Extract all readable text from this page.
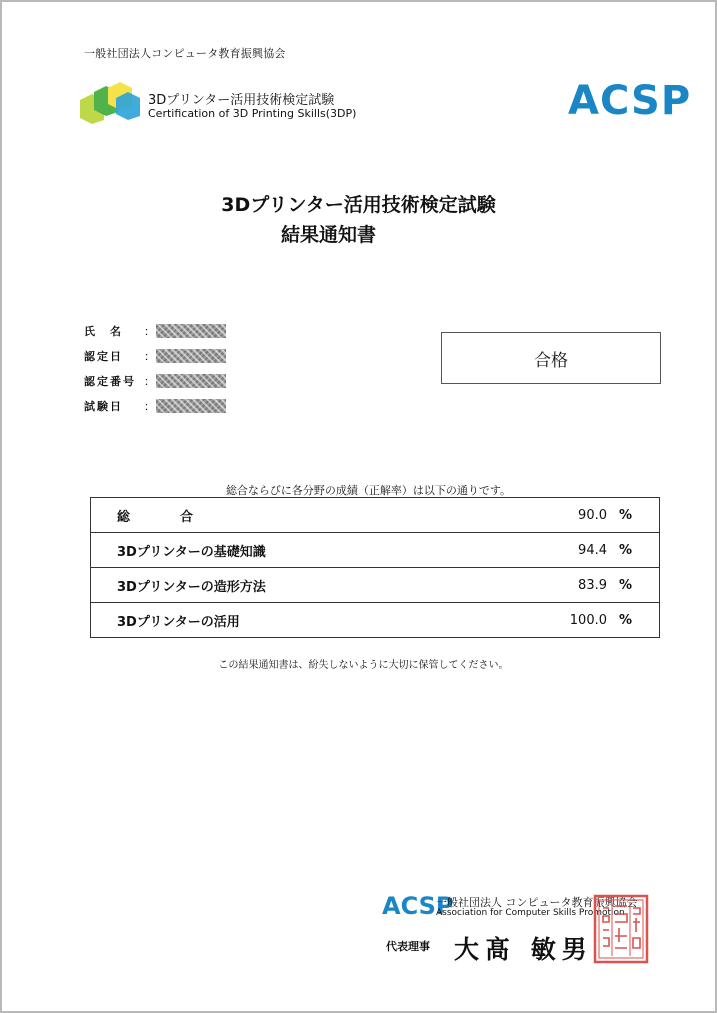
一般社団法人コンピュータ教育振興協会
3Dプリンター活用技術検定試験
Certification of 3D Printing Skills(3DP)	ACSP
3Dプリンター活用技術検定試験
結果通知書
氏　名	：
認定日	：
認定番号 ：
試験日	：
合格
総合ならびに各分野の成績（正解率）は以下の通りです。
総合	90.0 %

3Dプリンターの基礎知識	94.4 %

3Dプリンターの造形方法	83.9 %

3Dプリンターの活用	100.0 %
この結果通知書は、紛失しないように大切に保管してください。
ACSP
一般社団法人 コンピュータ教育振興協会
Association for Computer Skills Promotion
代表理事 大髙 敏男
